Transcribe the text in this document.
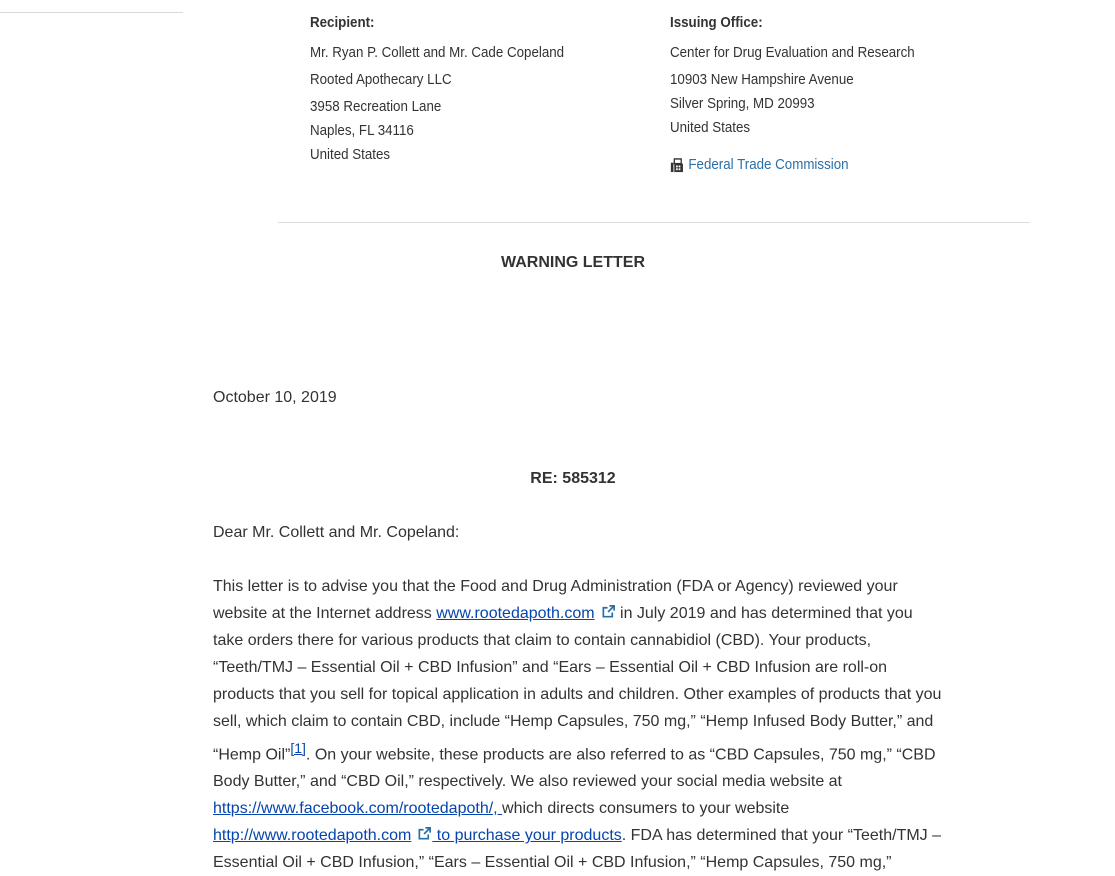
Recipient:
Mr. Ryan P. Collett and Mr. Cade Copeland
Rooted Apothecary LLC
3958 Recreation Lane
Naples, FL 34116
United States
Issuing Office:
Center for Drug Evaluation and Research
10903 New Hampshire Avenue
Silver Spring, MD 20993
United States
Federal Trade Commission
WARNING LETTER
October 10, 2019
RE: 585312
Dear Mr. Collett and Mr. Copeland:
This letter is to advise you that the Food and Drug Administration (FDA or Agency) reviewed your website at the Internet address www.rootedapoth.com in July 2019 and has determined that you take orders there for various products that claim to contain cannabidiol (CBD). Your products, “Teeth/TMJ – Essential Oil + CBD Infusion” and “Ears – Essential Oil + CBD Infusion are roll-on products that you sell for topical application in adults and children. Other examples of products that you sell, which claim to contain CBD, include “Hemp Capsules, 750 mg,” “Hemp Infused Body Butter,” and “Hemp Oil”[1]. On your website, these products are also referred to as “CBD Capsules, 750 mg,” “CBD Body Butter,” and “CBD Oil,” respectively. We also reviewed your social media website at https://www.facebook.com/rootedapoth/, which directs consumers to your website http://www.rootedapoth.com to purchase your products. FDA has determined that your “Teeth/TMJ – Essential Oil + CBD Infusion,” “Ears – Essential Oil + CBD Infusion,” “Hemp Capsules, 750 mg,”
